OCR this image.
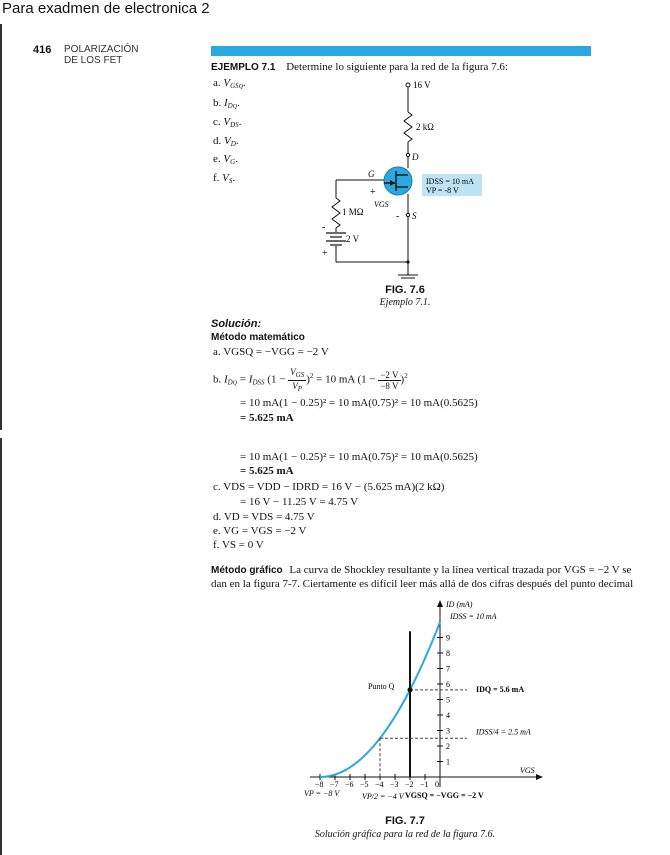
Para exadmen de electronica 2
416 POLARIZACIÓN
DE LOS FET
EJEMPLO 7.1 Determine lo siguiente para la red de la figura 7.6:
a. $V_{GSQ}$.
b. $I_{DQ}$.
c. $V_{DS}$.
d. $V_D$.
e. $V_G$.
f. $V_S$.
16 V
2 kΩ
D
G
+
VGS
- S
IDSS = 10 mA
VP = -8 V
1 MΩ
-
2 V
+
FIG. 7.6
Ejemplo 7.1.
Solución:
Método matemático
a. VGSQ = −VGG = −2 V
b. $I_{DQ} = I_{DSS}$ $(1 - \frac{V_{GS}}{V_P} )^2 = 10$ mA $(1 - \frac{-2 V}{-8 V} )^2$
= 10 mA(1 − 0.25)² = 10 mA(0.75)² = 10 mA(0.5625)
= 5.625 mA
= 10 mA(1 − 0.25)² = 10 mA(0.75)² = 10 mA(0.5625)
= 5.625 mA
c. VDS = VDD − IDRD = 16 V − (5.625 mA)(2 kΩ)
= 16 V − 11.25 V = 4.75 V
d. VD = VDS = 4.75 V
e. VG = VGS = −2 V
f. VS = 0 V
Método gráfico La curva de Shockley resultante y la línea vertical trazada por VGS = −2 V se
dan en la figura 7-7. Ciertamente es difícil leer más allá de dos cifras después del punto decimal
1
2
3
4
5
6
7
8
9
−8 −7 −6 −5 −4 −3 −2 −1 0
ID (mA)
VGS
IDSS = 10 mA
Punto Q	IDQ = 5.6 mA
IDSS/4 = 2.5 mA
VP = −8 V	VP/2 = −4 V VGSQ = −VGG = −2 V
FIG. 7.7
Solución gráfica para la red de la figura 7.6.
